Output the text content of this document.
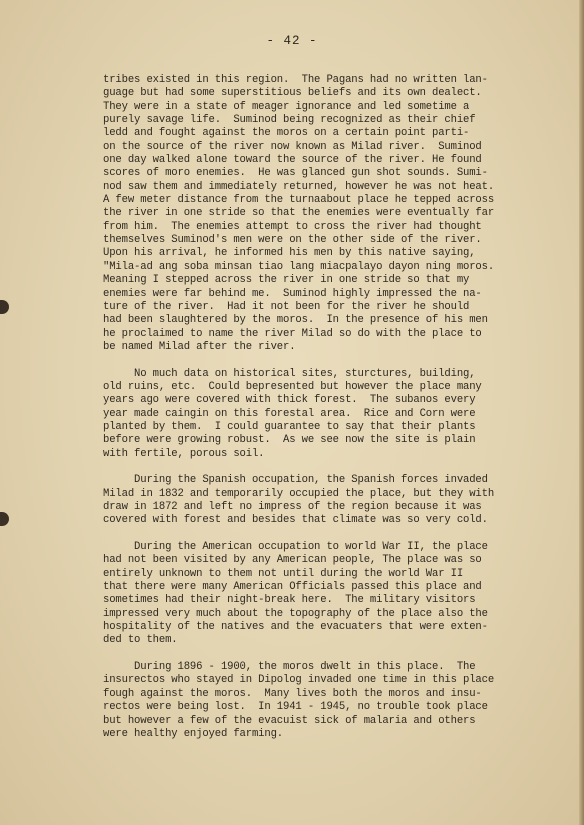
- 42 -
tribes existed in this region.  The Pagans had no written lan-
guage but had some superstitious beliefs and its own dealect.
They were in a state of meager ignorance and led sometime a
purely savage life.  Suminod being recognized as their chief
ledd and fought against the moros on a certain point parti-
on the source of the river now known as Milad river.  Suminod
one day walked alone toward the source of the river. He found
scores of moro enemies.  He was glanced gun shot sounds. Sumi-
nod saw them and immediately returned, however he was not heat.
A few meter distance from the turnaabout place he tepped across
the river in one stride so that the enemies were eventually far
from him.  The enemies attempt to cross the river had thought
themselves Suminod's men were on the other side of the river.
Upon his arrival, he informed his men by this native saying,
"Mila-ad ang soba minsan tiao lang miacpalayo dayon ning moros.
Meaning I stepped across the river in one stride so that my
enemies were far behind me.  Suminod highly impressed the na-
ture of the river.  Had it not been for the river he should
had been slaughtered by the moros.  In the presence of his men
he proclaimed to name the river Milad so do with the place to
be named Milad after the river.
No much data on historical sites, sturctures, building,
old ruins, etc.  Could bepresented but however the place many
years ago were covered with thick forest.  The subanos every
year made caingin on this forestal area.  Rice and Corn were
planted by them.  I could guarantee to say that their plants
before were growing robust.  As we see now the site is plain
with fertile, porous soil.
During the Spanish occupation, the Spanish forces invaded
Milad in 1832 and temporarily occupied the place, but they with
draw in 1872 and left no impress of the region because it was
covered with forest and besides that climate was so very cold.
During the American occupation to world War II, the place
had not been visited by any American people, The place was so
entirely unknown to them not until during the world War II
that there were many American Officials passed this place and
sometimes had their night-break here.  The military visitors
impressed very much about the topography of the place also the
hospitality of the natives and the evacuaters that were exten-
ded to them.
During 1896 - 1900, the moros dwelt in this place.  The
insurectos who stayed in Dipolog invaded one time in this place
fough against the moros.  Many lives both the moros and insu-
rectos were being lost.  In 1941 - 1945, no trouble took place
but however a few of the evacuist sick of malaria and others
were healthy enjoyed farming.
